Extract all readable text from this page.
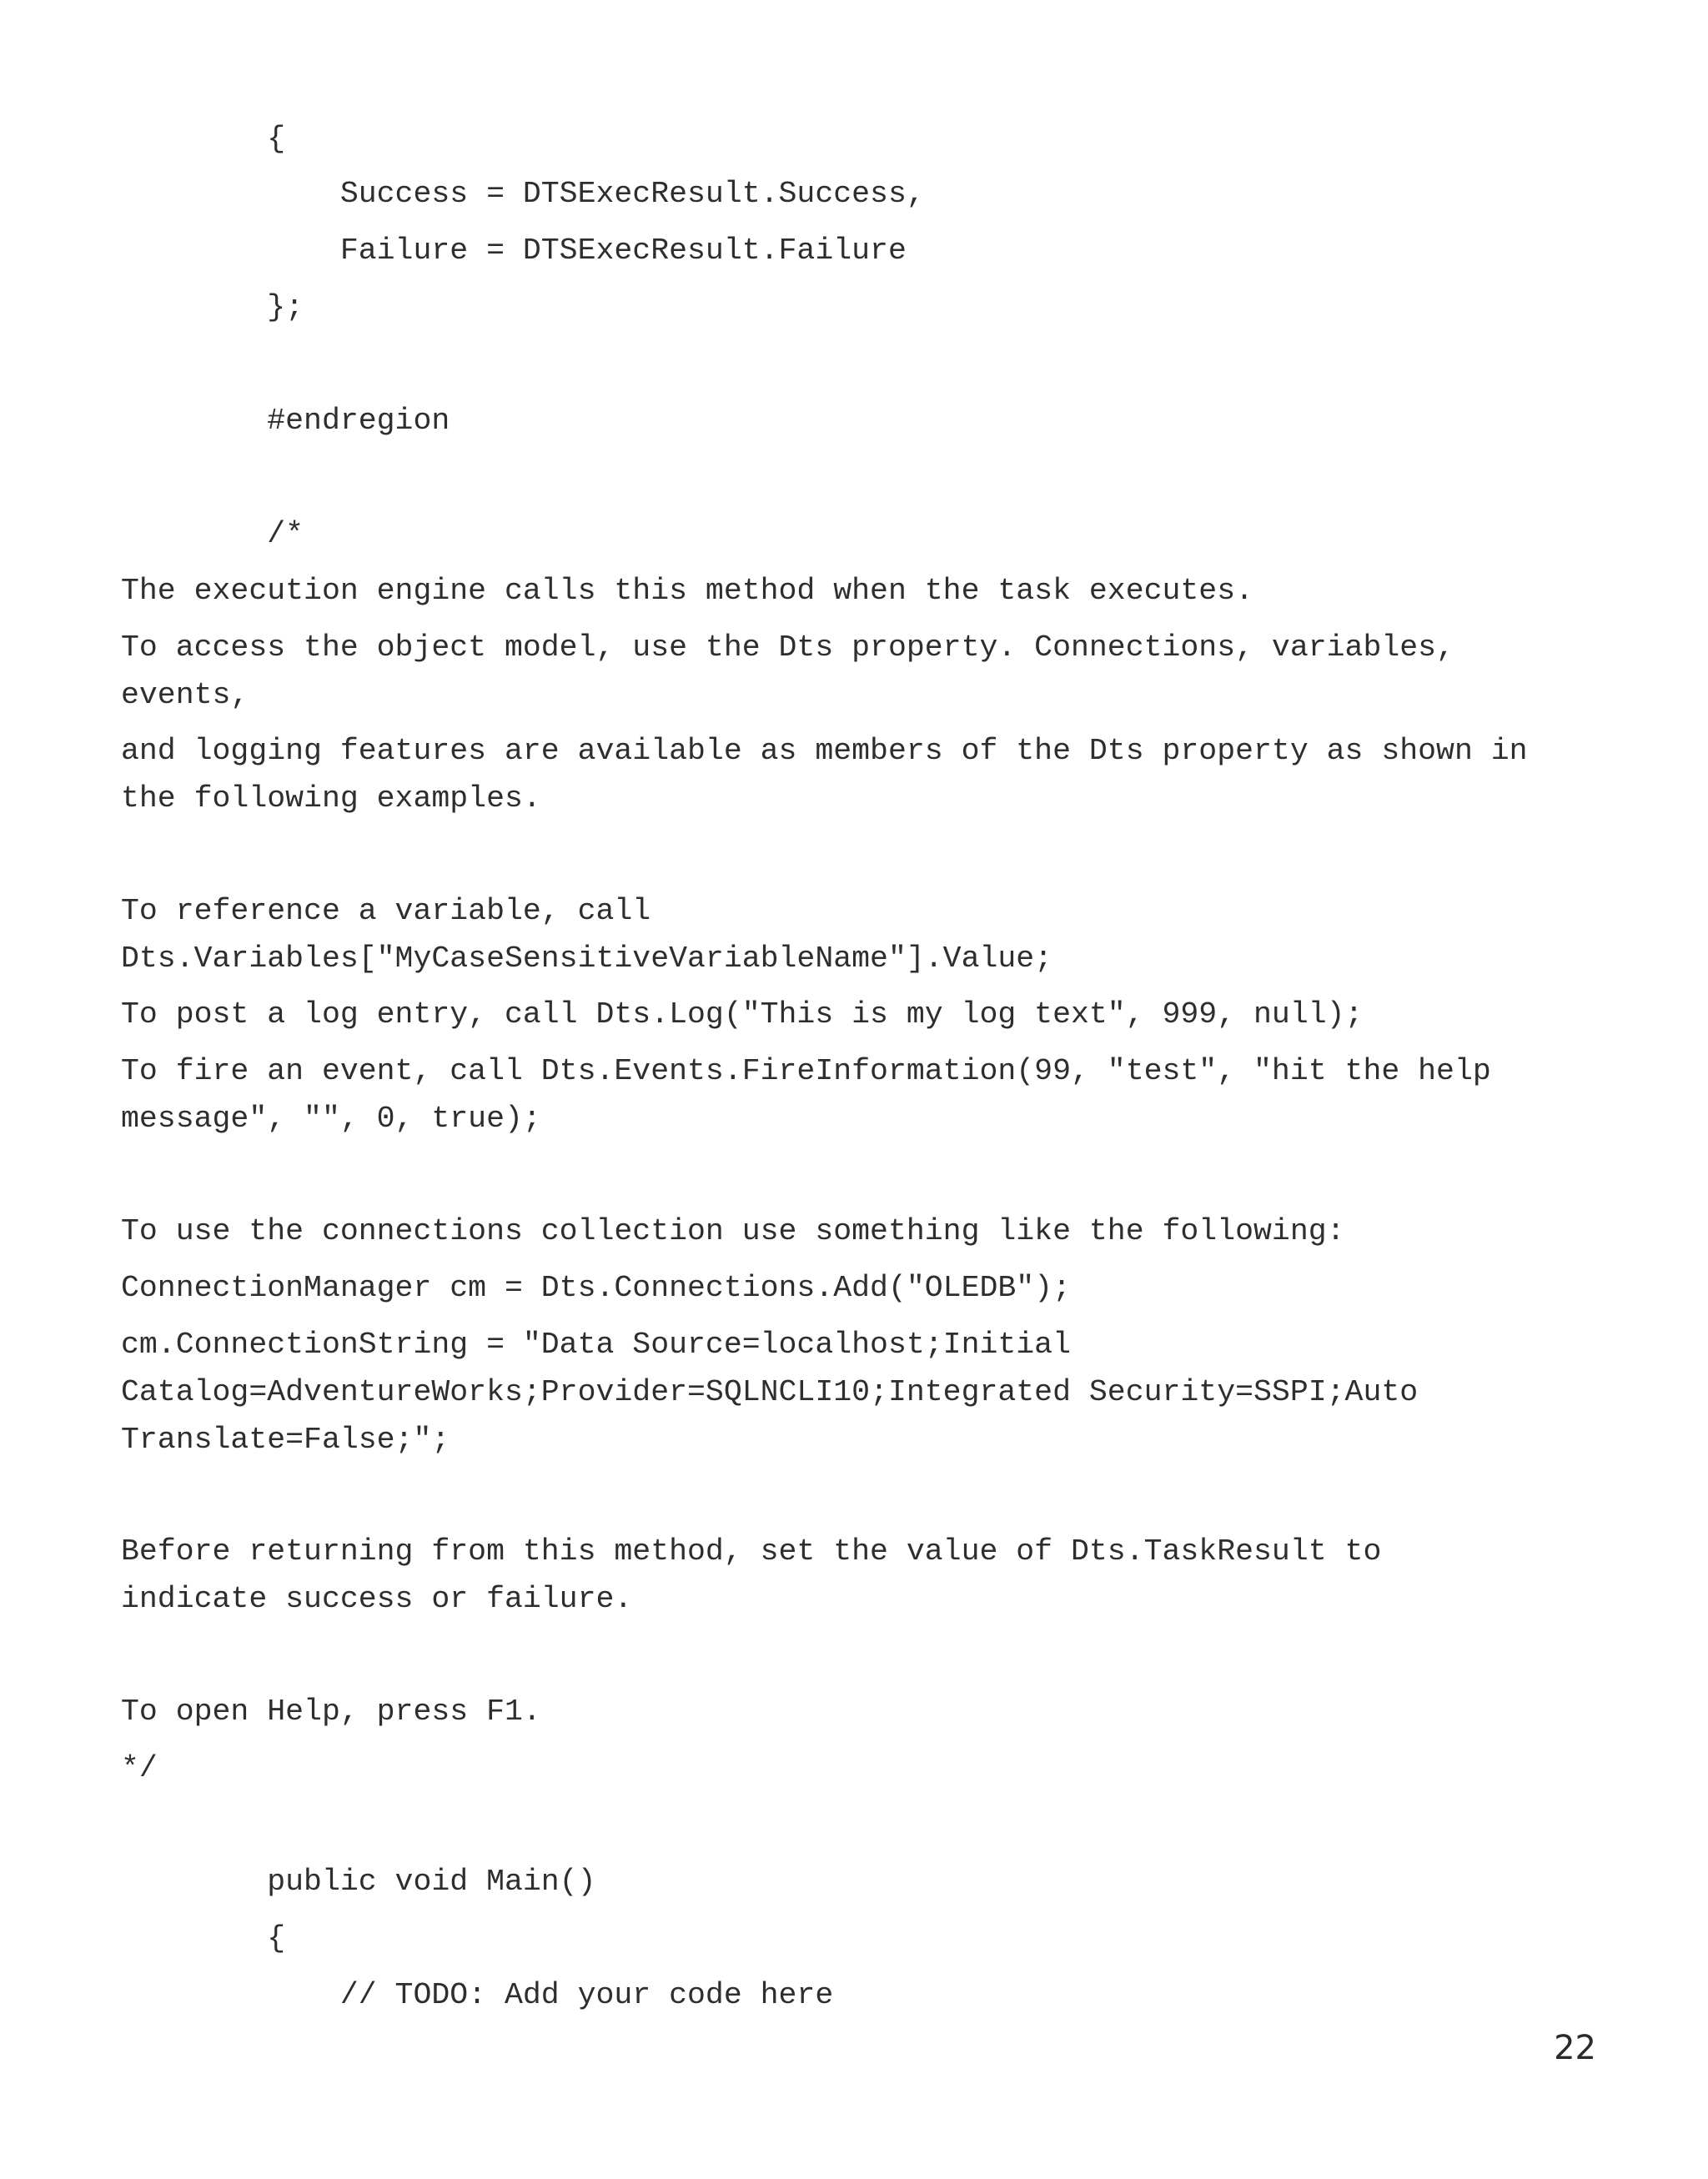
{
Success = DTSExecResult.Success,
Failure = DTSExecResult.Failure
};
#endregion
/*
The execution engine calls this method when the task executes.
To access the object model, use the Dts property. Connections, variables,
events,
and logging features are available as members of the Dts property as shown in
the following examples.
To reference a variable, call
Dts.Variables["MyCaseSensitiveVariableName"].Value;
To post a log entry, call Dts.Log("This is my log text", 999, null);
To fire an event, call Dts.Events.FireInformation(99, "test", "hit the help
message", "", 0, true);
To use the connections collection use something like the following:
ConnectionManager cm = Dts.Connections.Add("OLEDB");
cm.ConnectionString = "Data Source=localhost;Initial
Catalog=AdventureWorks;Provider=SQLNCLI10;Integrated Security=SSPI;Auto
Translate=False;";
Before returning from this method, set the value of Dts.TaskResult to
indicate success or failure.
To open Help, press F1.
*/
public void Main()
{
// TODO: Add your code here
22
